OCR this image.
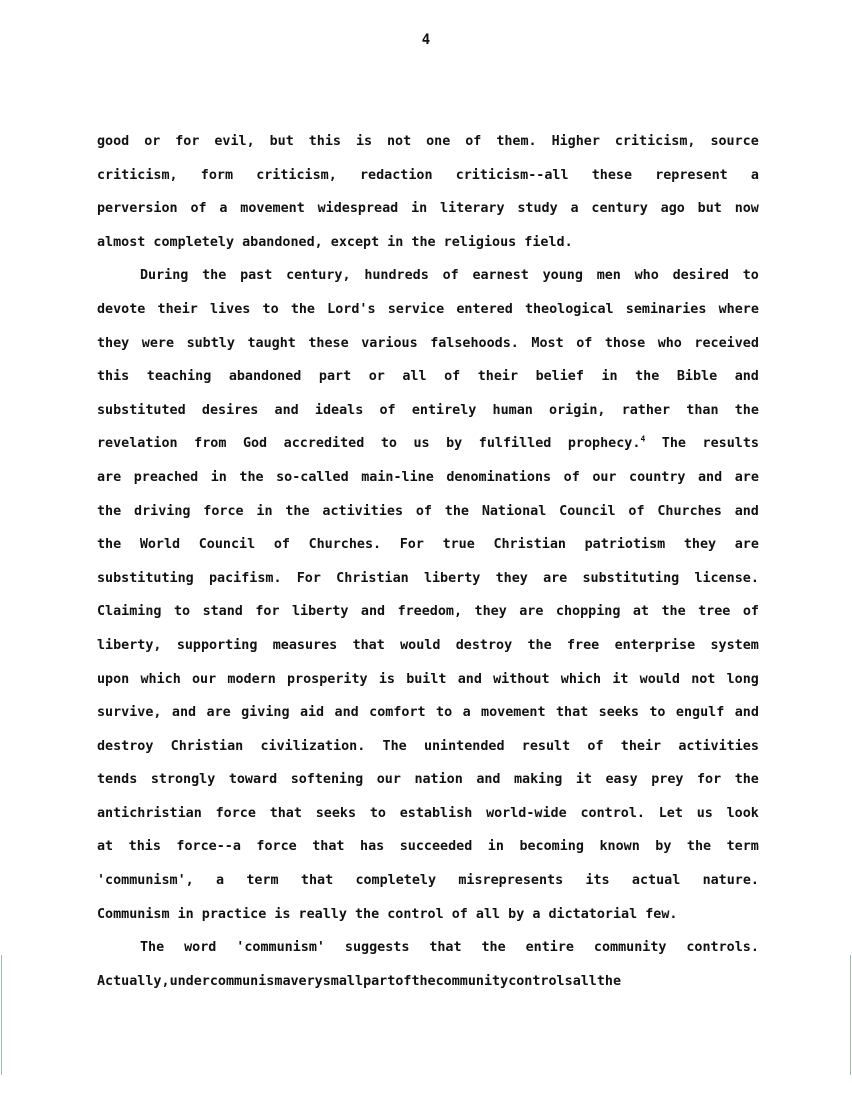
4
good or for evil, but this is not one of them. Higher criticism, source
criticism, form criticism, redaction criticism--all these represent a
perversion of a movement widespread in literary study a century ago but now
almost completely abandoned, except in the religious field.
During the past century, hundreds of earnest young men who desired to
devote their lives to the Lord's service entered theological seminaries where
they were subtly taught these various falsehoods. Most of those who received
this teaching abandoned part or all of their belief in the Bible and
substituted desires and ideals of entirely human origin, rather than the
revelation from God accredited to us by fulfilled prophecy.$^4$ The results
are preached in the so-called main-line denominations of our country and are
the driving force in the activities of the National Council of Churches and
the World Council of Churches. For true Christian patriotism they are
substituting pacifism. For Christian liberty they are substituting license.
Claiming to stand for liberty and freedom, they are chopping at the tree of
liberty, supporting measures that would destroy the free enterprise system
upon which our modern prosperity is built and without which it would not long
survive, and are giving aid and comfort to a movement that seeks to engulf and
destroy Christian civilization. The unintended result of their activities
tends strongly toward softening our nation and making it easy prey for the
antichristian force that seeks to establish world-wide control. Let us look
at this force--a force that has succeeded in becoming known by the term
'communism', a term that completely misrepresents its actual nature.
Communism in practice is really the control of all by a dictatorial few.
The word 'communism' suggests that the entire community controls.
Actually,undercommunismaverysmallpartofthecommunitycontrolsallthe
